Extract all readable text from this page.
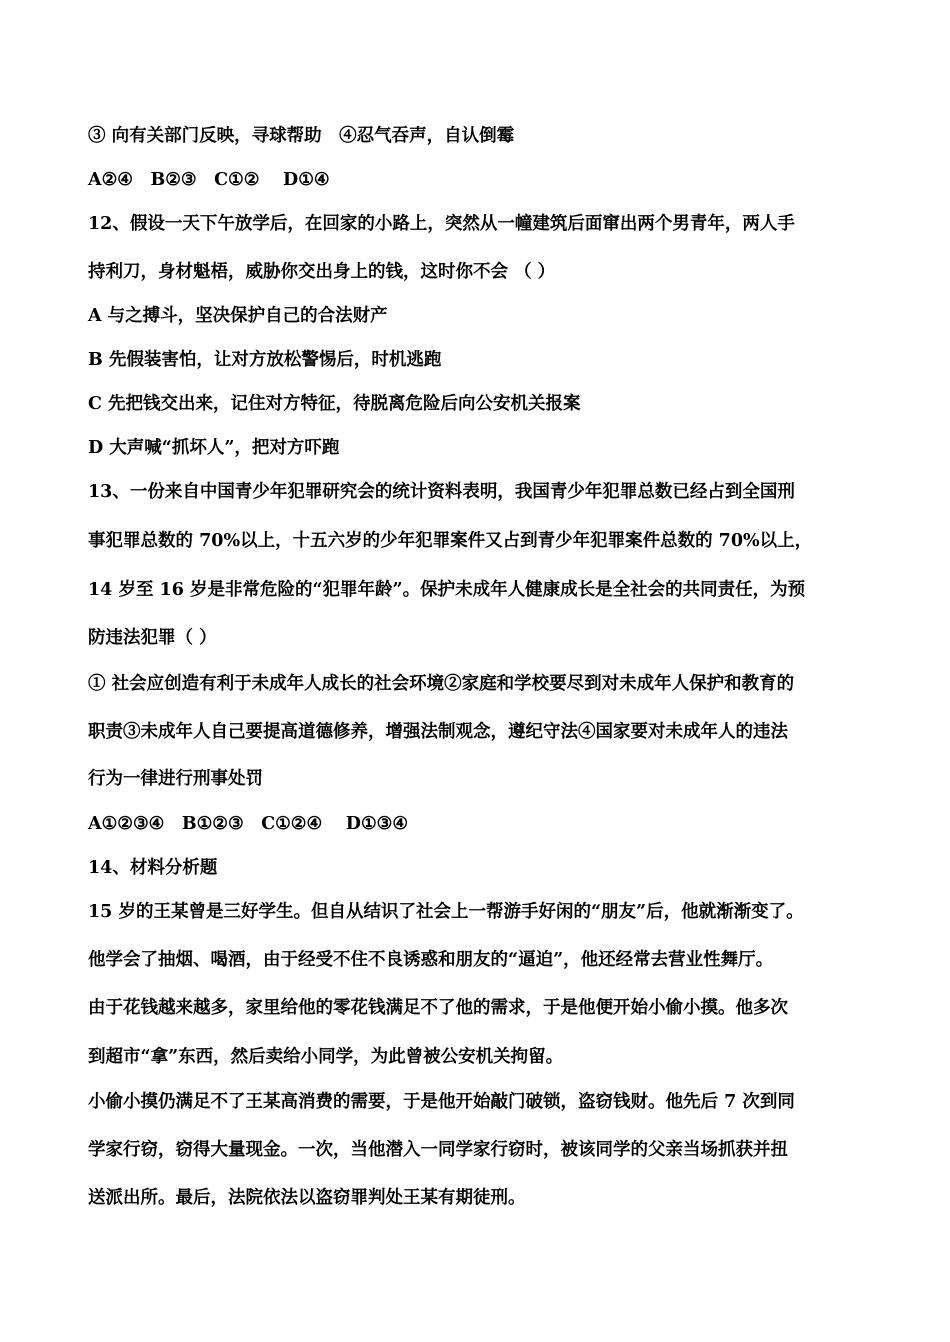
③ 向有关部门反映，寻球帮助　④忍气吞声，自认倒霉
A②④　B②③　C①②　 D①④
12、假设一天下午放学后，在回家的小路上，突然从一幢建筑后面窜出两个男青年，两人手
持利刀，身材魁梧，威胁你交出身上的钱，这时你不会 （ ）
A 与之搏斗，坚决保护自己的合法财产
B 先假装害怕，让对方放松警惕后，时机逃跑
C 先把钱交出来，记住对方特征，待脱离危险后向公安机关报案
D 大声喊“抓坏人”，把对方吓跑
13、一份来自中国青少年犯罪研究会的统计资料表明，我国青少年犯罪总数已经占到全国刑
事犯罪总数的 70%以上，十五六岁的少年犯罪案件又占到青少年犯罪案件总数的 70%以上，
14 岁至 16 岁是非常危险的“犯罪年龄”。保护未成年人健康成长是全社会的共同责任，为预
防违法犯罪（ ）
① 社会应创造有利于未成年人成长的社会环境②家庭和学校要尽到对未成年人保护和教育的
职责③未成年人自己要提高道德修养，增强法制观念，遵纪守法④国家要对未成年人的违法
行为一律进行刑事处罚
A①②③④　B①②③　C①②④　 D①③④
14、材料分析题
15 岁的王某曾是三好学生。但自从结识了社会上一帮游手好闲的“朋友”后，他就渐渐变了。
他学会了抽烟、喝酒，由于经受不住不良诱惑和朋友的“逼迫”，他还经常去营业性舞厅。
由于花钱越来越多，家里给他的零花钱满足不了他的需求，于是他便开始小偷小摸。他多次
到超市“拿”东西，然后卖给小同学，为此曾被公安机关拘留。
小偷小摸仍满足不了王某高消费的需要，于是他开始敲门破锁，盗窃钱财。他先后 7 次到同
学家行窃，窃得大量现金。一次，当他潜入一同学家行窃时，被该同学的父亲当场抓获并扭
送派出所。最后，法院依法以盗窃罪判处王某有期徒刑。
